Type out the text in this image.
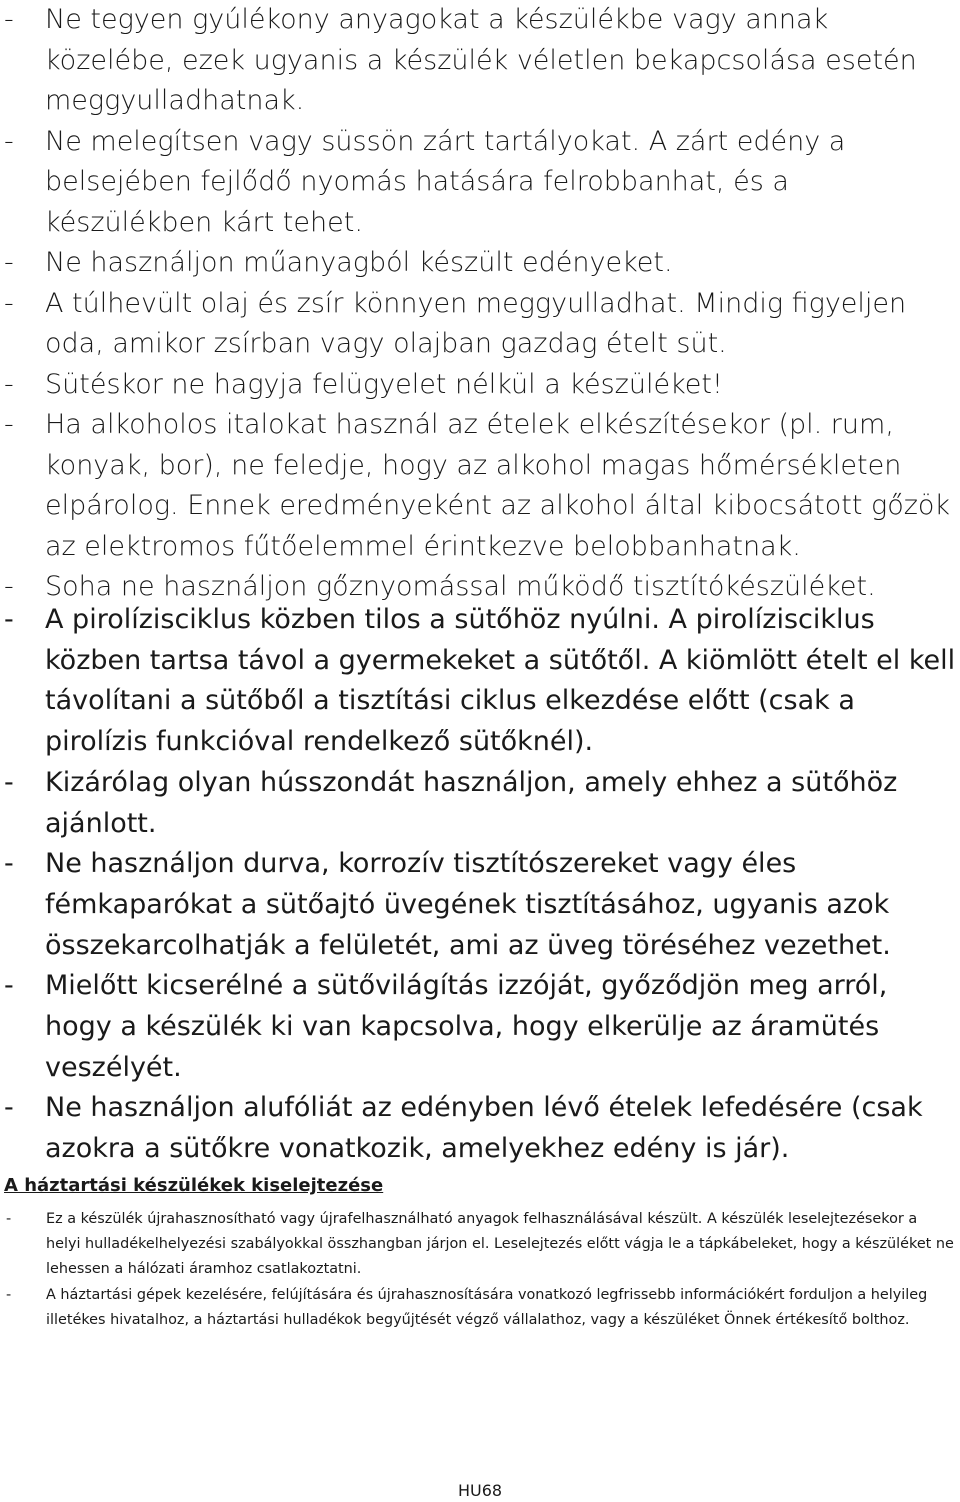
- Ne tegyen gyúlékony anyagokat a készülékbe vagy annak közelébe, ezek ugyanis a készülék véletlen bekapcsolása esetén meggyulladhatnak.
- Ne melegítsen vagy süssön zárt tartályokat. A zárt edény a belsejében fejlődő nyomás hatására felrobbanhat, és a készülékben kárt tehet.
- Ne használjon műanyagból készült edényeket.
- A túlhevült olaj és zsír könnyen meggyulladhat. Mindig figyeljen oda, amikor zsírban vagy olajban gazdag ételt süt.
- Sütéskor ne hagyja felügyelet nélkül a készüléket!
- Ha alkoholos italokat használ az ételek elkészítésekor (pl. rum, konyak, bor), ne feledje, hogy az alkohol magas hőmérsékleten elpárolog. Ennek eredményeként az alkohol által kibocsátott gőzök az elektromos fűtőelemmel érintkezve belobbanhatnak.
- Soha ne használjon gőznyomással működő tisztítókészüléket.
- A pirolízisciklus közben tilos a sütőhöz nyúlni. A pirolízisciklus közben tartsa távol a gyermekeket a sütőtől. A kiömlött ételt el kell távolítani a sütőből a tisztítási ciklus elkezdése előtt (csak a pirolízis funkcióval rendelkező sütőknél).
- Kizárólag olyan hússzondát használjon, amely ehhez a sütőhöz ajánlott.
- Ne használjon durva, korrozív tisztítószereket vagy éles fémkaparókat a sütőajtó üvegének tisztításához, ugyanis azok összekarcolhatják a felületét, ami az üveg töréséhez vezethet.
- Mielőtt kicserélné a sütővilágítás izzóját, győződjön meg arról, hogy a készülék ki van kapcsolva, hogy elkerülje az áramütés veszélyét.
- Ne használjon alufóliát az edényben lévő ételek lefedésére (csak azokra a sütőkre vonatkozik, amelyekhez edény is jár).
A háztartási készülékek kiselejtezése
- Ez a készülék újrahasznosítható vagy újrafelhasználható anyagok felhasználásával készült. A készülék leselejtezésekor a helyi hulladékelhelyezési szabályokkal összhangban járjon el. Leselejtezés előtt vágja le a tápkábeleket, hogy a készüléket ne lehessen a hálózati áramhoz csatlakoztatni.
- A háztartási gépek kezelésére, felújítására és újrahasznosítására vonatkozó legfrissebb információkért forduljon a helyileg illetékes hivatalhoz, a háztartási hulladékok begyűjtését végző vállalathoz, vagy a készüléket Önnek értékesítő bolthoz.
HU68
